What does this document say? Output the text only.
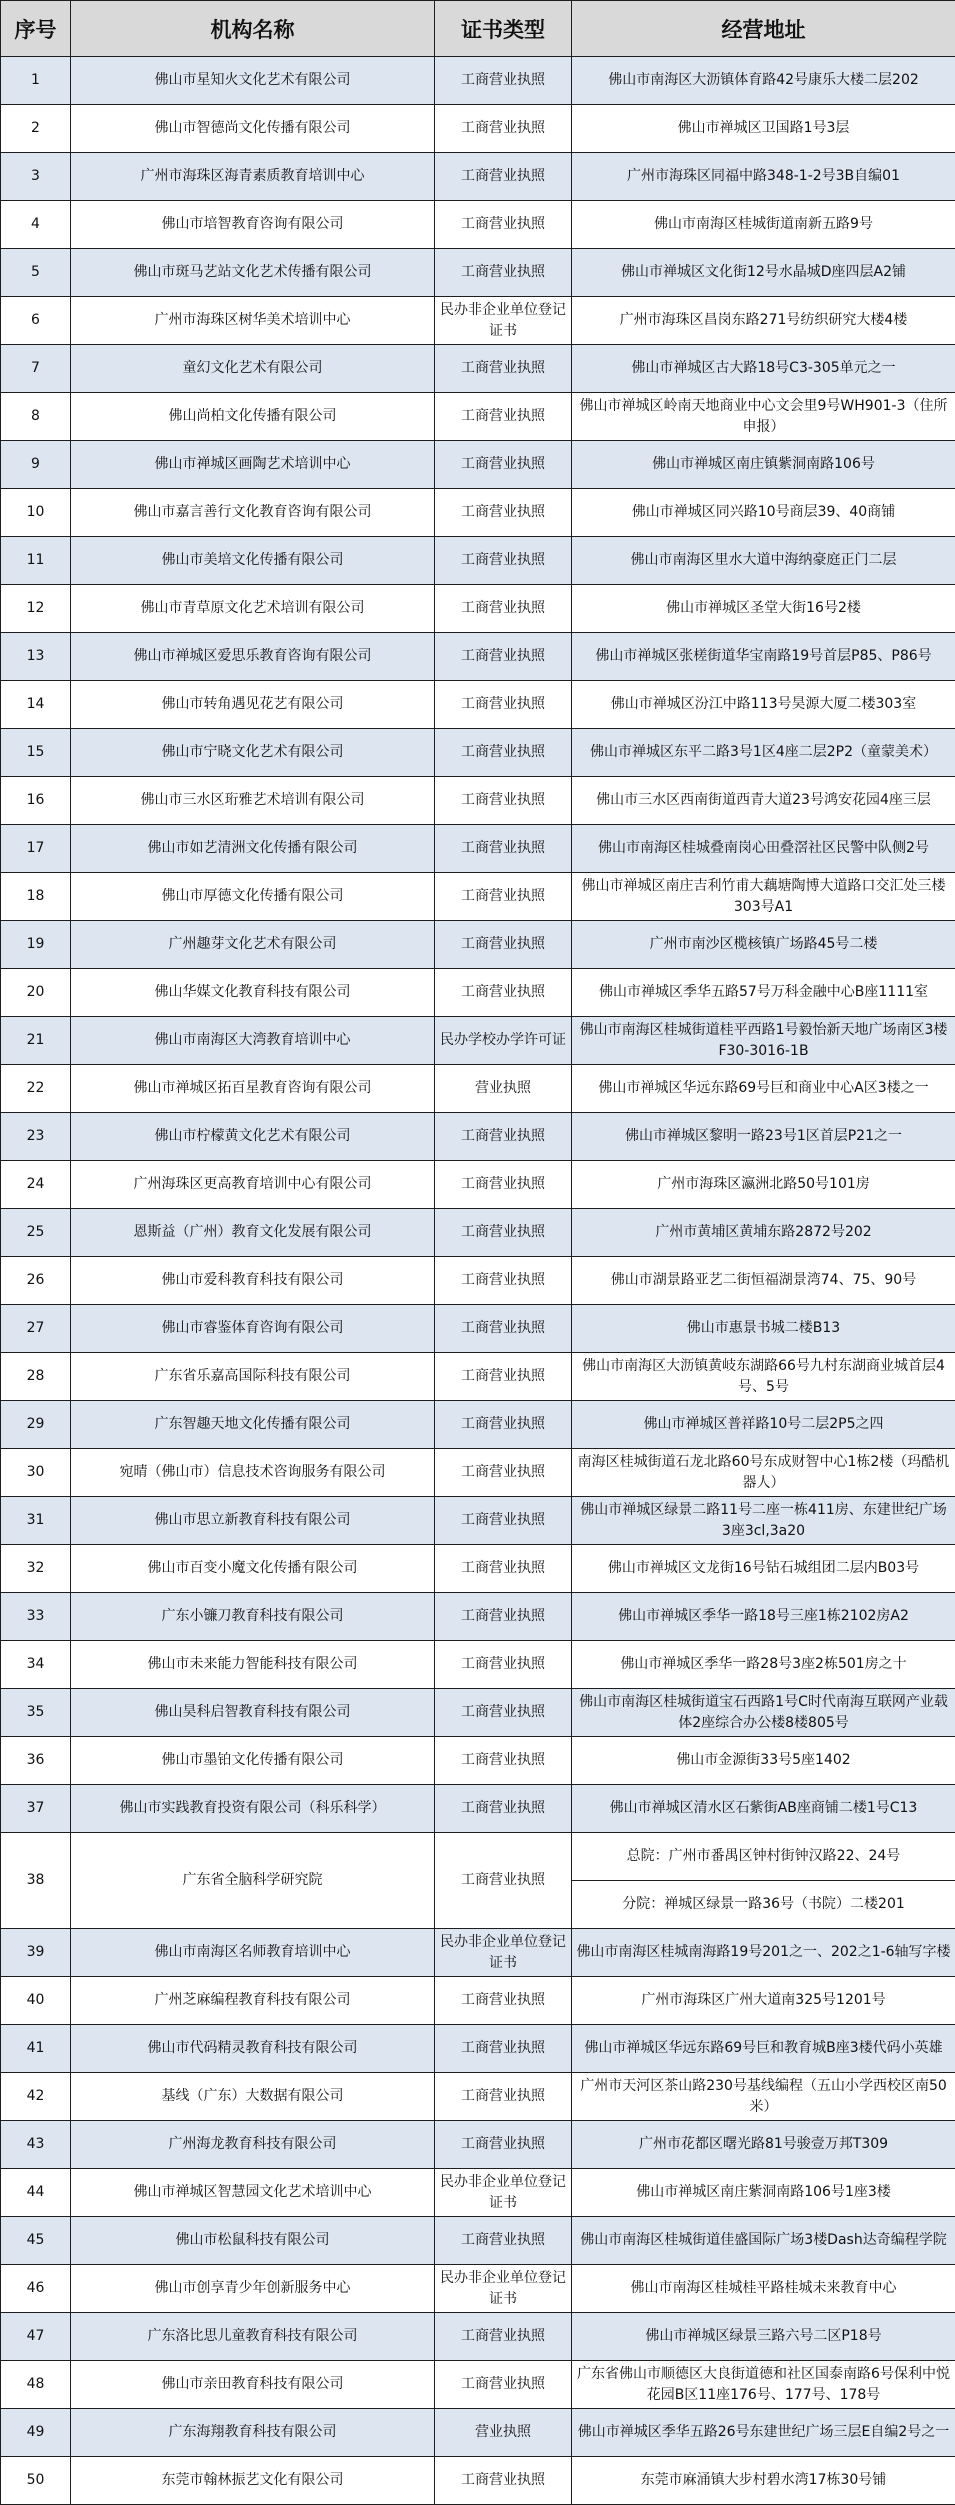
序号	机构名称	证书类型	经营地址
1	佛山市星知火文化艺术有限公司	工商营业执照	佛山市南海区大沥镇体育路42号康乐大楼二层202
2	佛山市智德尚文化传播有限公司	工商营业执照	佛山市禅城区卫国路1号3层
3	广州市海珠区海青素质教育培训中心	工商营业执照	广州市海珠区同福中路348-1-2号3B自编01
4	佛山市培智教育咨询有限公司	工商营业执照	佛山市南海区桂城街道南新五路9号
5	佛山市斑马艺站文化艺术传播有限公司	工商营业执照	佛山市禅城区文化街12号水晶城D座四层A2铺
6	广州市海珠区树华美术培训中心	民办非企业单位登记证书	广州市海珠区昌岗东路271号纺织研究大楼4楼
7	童幻文化艺术有限公司	工商营业执照	佛山市禅城区古大路18号C3-305单元之一
8	佛山尚柏文化传播有限公司	工商营业执照	佛山市禅城区岭南天地商业中心文会里9号WH901-3（住所申报）
9	佛山市禅城区画陶艺术培训中心	工商营业执照	佛山市禅城区南庄镇紫洞南路106号
10	佛山市嘉言善行文化教育咨询有限公司	工商营业执照	佛山市禅城区同兴路10号商层39、40商铺
11	佛山市美培文化传播有限公司	工商营业执照	佛山市南海区里水大道中海纳豪庭正门二层
12	佛山市青草原文化艺术培训有限公司	工商营业执照	佛山市禅城区圣堂大街16号2楼
13	佛山市禅城区爱思乐教育咨询有限公司	工商营业执照	佛山市禅城区张槎街道华宝南路19号首层P85、P86号
14	佛山市转角遇见花艺有限公司	工商营业执照	佛山市禅城区汾江中路113号昊源大厦二楼303室
15	佛山市宁晓文化艺术有限公司	工商营业执照	佛山市禅城区东平二路3号1区4座二层2P2（童蒙美术）
16	佛山市三水区珩雅艺术培训有限公司	工商营业执照	佛山市三水区西南街道西青大道23号鸿安花园4座三层
17	佛山市如艺清洲文化传播有限公司	工商营业执照	佛山市南海区桂城叠南岗心田叠滘社区民警中队侧2号
18	佛山市厚德文化传播有限公司	工商营业执照	佛山市禅城区南庄吉利竹甫大藕塘陶博大道路口交汇处三楼303号A1
19	广州趣芽文化艺术有限公司	工商营业执照	广州市南沙区榄核镇广场路45号二楼
20	佛山华媒文化教育科技有限公司	工商营业执照	佛山市禅城区季华五路57号万科金融中心B座1111室
21	佛山市南海区大湾教育培训中心	民办学校办学许可证	佛山市南海区桂城街道桂平西路1号毅怡新天地广场南区3楼F30-3016-1B
22	佛山市禅城区拓百星教育咨询有限公司	营业执照	佛山市禅城区华远东路69号巨和商业中心A区3楼之一
23	佛山市柠檬黄文化艺术有限公司	工商营业执照	佛山市禅城区黎明一路23号1区首层P21之一
24	广州海珠区更高教育培训中心有限公司	工商营业执照	广州市海珠区瀛洲北路50号101房
25	恩斯益（广州）教育文化发展有限公司	工商营业执照	广州市黄埔区黄埔东路2872号202
26	佛山市爱科教育科技有限公司	工商营业执照	佛山市湖景路亚艺二街恒福湖景湾74、75、90号
27	佛山市睿鉴体育咨询有限公司	工商营业执照	佛山市惠景书城二楼B13
28	广东省乐嘉高国际科技有限公司	工商营业执照	佛山市南海区大沥镇黄岐东湖路66号九村东湖商业城首层4号、5号
29	广东智趣天地文化传播有限公司	工商营业执照	佛山市禅城区普祥路10号二层2P5之四
30	宛晴（佛山市）信息技术咨询服务有限公司	工商营业执照	南海区桂城街道石龙北路60号东成财智中心1栋2楼（玛酷机器人）
31	佛山市思立新教育科技有限公司	工商营业执照	佛山市禅城区绿景二路11号二座一栋411房、东建世纪广场3座3cl,3a20
32	佛山市百变小魔文化传播有限公司	工商营业执照	佛山市禅城区文龙街16号钻石城组团二层内B03号
33	广东小镰刀教育科技有限公司	工商营业执照	佛山市禅城区季华一路18号三座1栋2102房A2
34	佛山市未来能力智能科技有限公司	工商营业执照	佛山市禅城区季华一路28号3座2栋501房之十
35	佛山昊科启智教育科技有限公司	工商营业执照	佛山市南海区桂城街道宝石西路1号C时代南海互联网产业载体2座综合办公楼8楼805号
36	佛山市墨铂文化传播有限公司	工商营业执照	佛山市金源街33号5座1402
37	佛山市实践教育投资有限公司（科乐科学）	工商营业执照	佛山市禅城区清水区石紫街AB座商铺二楼1号C13
38	广东省全脑科学研究院	工商营业执照	总院：广州市番禺区钟村街钟汉路22、24号
分院：禅城区绿景一路36号（书院）二楼201

39	佛山市南海区名师教育培训中心	民办非企业单位登记证书	佛山市南海区桂城南海路19号201之一、202之1-6轴写字楼
40	广州芝麻编程教育科技有限公司	工商营业执照	广州市海珠区广州大道南325号1201号
41	佛山市代码精灵教育科技有限公司	工商营业执照	佛山市禅城区华远东路69号巨和教育城B座3楼代码小英雄
42	基线（广东）大数据有限公司	工商营业执照	广州市天河区茶山路230号基线编程（五山小学西校区南50米）
43	广州海龙教育科技有限公司	工商营业执照	广州市花都区曙光路81号骏壹万邦T309
44	佛山市禅城区智慧园文化艺术培训中心	民办非企业单位登记证书	佛山市禅城区南庄紫洞南路106号1座3楼
45	佛山市松鼠科技有限公司	工商营业执照	佛山市南海区桂城街道佳盛国际广场3楼Dash达奇编程学院
46	佛山市创享青少年创新服务中心	民办非企业单位登记证书	佛山市南海区桂城桂平路桂城未来教育中心
47	广东洛比思儿童教育科技有限公司	工商营业执照	佛山市禅城区绿景三路六号二区P18号
48	佛山市亲田教育科技有限公司	工商营业执照	广东省佛山市顺德区大良街道德和社区国泰南路6号保利中悦花园B区11座176号、177号、178号
49	广东海翔教育科技有限公司	营业执照	佛山市禅城区季华五路26号东建世纪广场三层E自编2号之一
50	东莞市翰林振艺文化有限公司	工商营业执照	东莞市麻涌镇大步村碧水湾17栋30号铺
